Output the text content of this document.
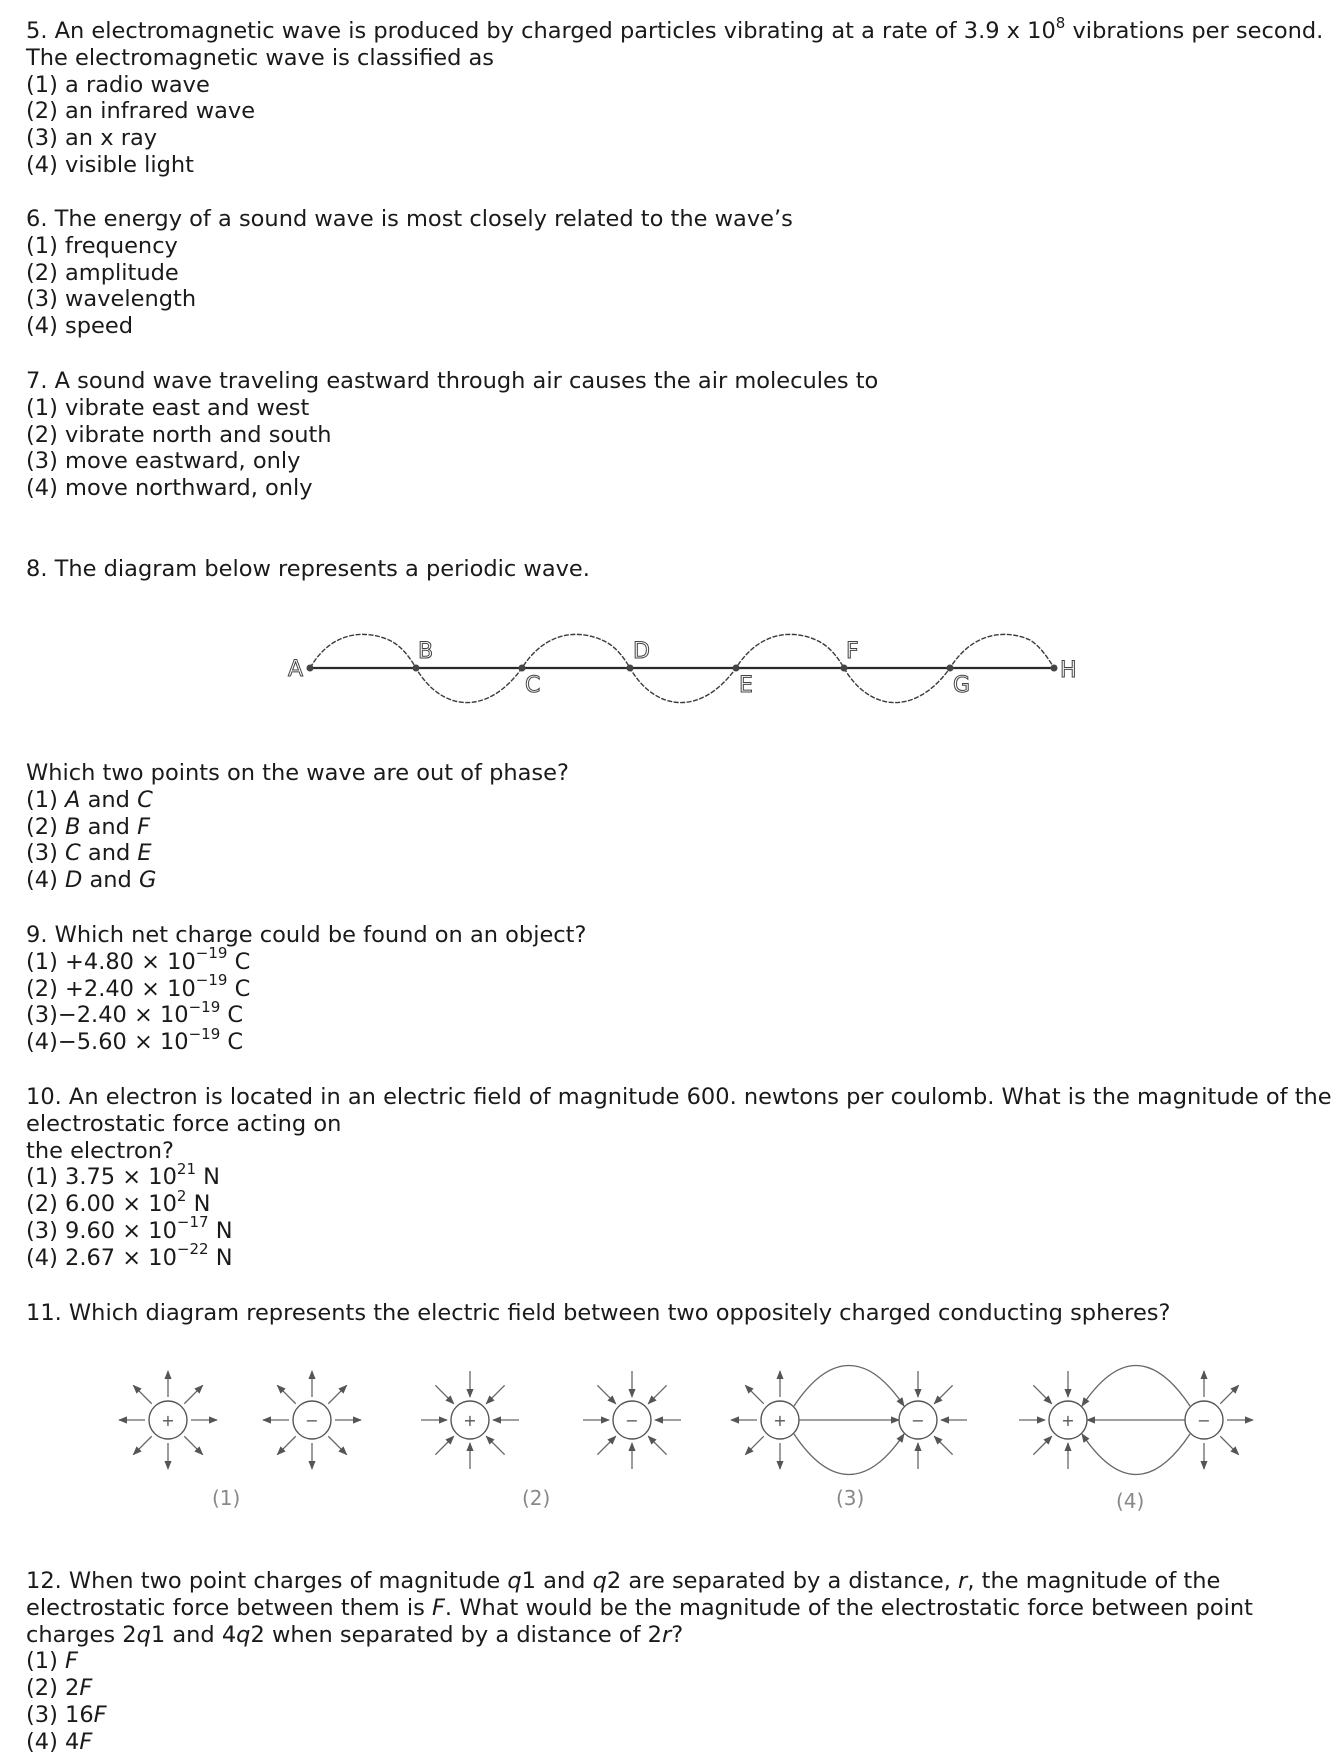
5. An electromagnetic wave is produced by charged particles vibrating at a rate of 3.9 x $10^8$ vibrations per second.
The electromagnetic wave is classified as
(1) a radio wave
(2) an infrared wave
(3) an x ray
(4) visible light
6. The energy of a sound wave is most closely related to the wave’s
(1) frequency
(2) amplitude
(3) wavelength
(4) speed
7. A sound wave traveling eastward through air causes the air molecules to
(1) vibrate east and west
(2) vibrate north and south
(3) move eastward, only
(4) move northward, only
8. The diagram below represents a periodic wave.
A
B
C
D
E
F
G
H
Which two points on the wave are out of phase?
(1) A and C
(2) B and F
(3) C and E
(4) D and G
9. Which net charge could be found on an object?
$(1) +4.80 \times 10^{-19}$ C
$(2) +2.40 \times 10^{-19}$ C
$(3)-2.40 \times 10^{-19}$ C
$(4)-5.60 \times 10^{-19}$ C
10. An electron is located in an electric field of magnitude 600. newtons per coulomb. What is the magnitude of the
electrostatic force acting on
the electron?
(1) $3.75 \times 10^{21}$ N
(2) $6.00 \times 10^2$ N
(3) $9.60 \times 10^{-17}$ N
(4) $2.67 \times 10^{-22}$ N
11. Which diagram represents the electric field between two oppositely charged conducting spheres?
+	−	+	−	+	−	+	−
(1)	(2)	(3)	(4)
12. When two point charges of magnitude q1 and q2 are separated by a distance, r, the magnitude of the
electrostatic force between them is F. What would be the magnitude of the electrostatic force between point
charges 2q1 and 4q2 when separated by a distance of 2r?
(1) F
(2) 2F
(3) 16F
(4) 4F
